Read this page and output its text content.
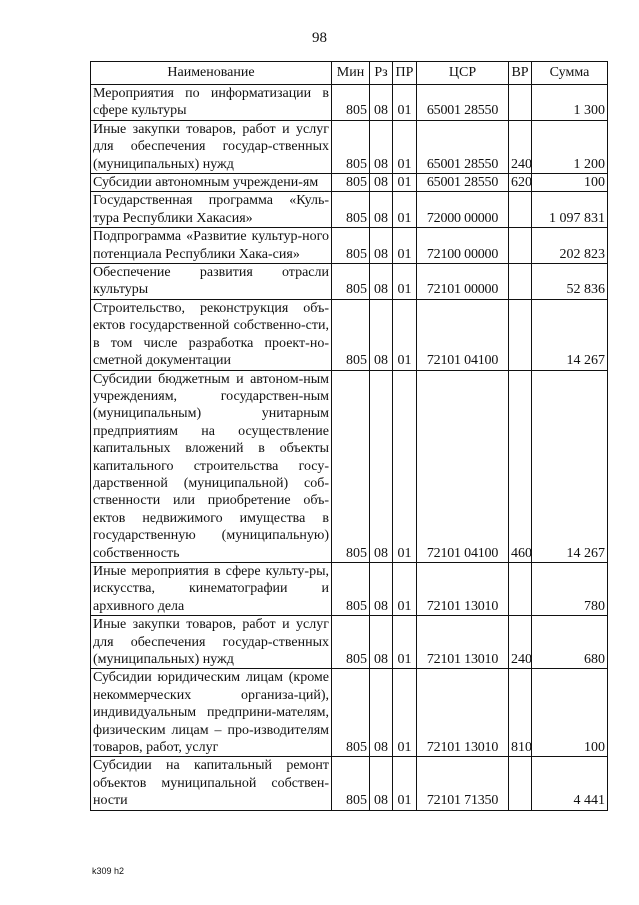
98
Наименование	Мин	Рз	ПР	ЦСР	ВР	Сумма
Мероприятия по информатизации в сфере культуры	805	08	01	65001 28550		1 300
Иные закупки товаров, работ и услуг для обеспечения государ-ственных (муниципальных) нужд	805	08	01	65001 28550	240	1 200
Субсидии автономным учреждени-ям	805	08	01	65001 28550	620	100
Государственная программа «Куль-тура Республики Хакасия»	805	08	01	72000 00000		1 097 831
Подпрограмма «Развитие культур-ного потенциала Республики Хака-сия»	805	08	01	72100 00000		202 823
Обеспечение развития отрасли культуры	805	08	01	72101 00000		52 836
Строительство, реконструкция объ-ектов государственной собственно-сти, в том числе разработка проект-но-сметной документации	805	08	01	72101 04100		14 267
Субсидии бюджетным и автоном-ным учреждениям, государствен-ным (муниципальным) унитарным предприятиям на осуществление капитальных вложений в объекты капитального строительства госу-дарственной (муниципальной) соб-ственности или приобретение объ-ектов недвижимого имущества в государственную (муниципальную) собственность	805	08	01	72101 04100	460	14 267
Иные мероприятия в сфере культу-ры, искусства, кинематографии и архивного дела	805	08	01	72101 13010		780
Иные закупки товаров, работ и услуг для обеспечения государ-ственных (муниципальных) нужд	805	08	01	72101 13010	240	680
Субсидии юридическим лицам (кроме некоммерческих организа-ций), индивидуальным предприни-мателям, физическим лицам – про-изводителям товаров, работ, услуг	805	08	01	72101 13010	810	100
Субсидии на капитальный ремонт объектов муниципальной собствен-ности	805	08	01	72101 71350		4 441
k309 h2
